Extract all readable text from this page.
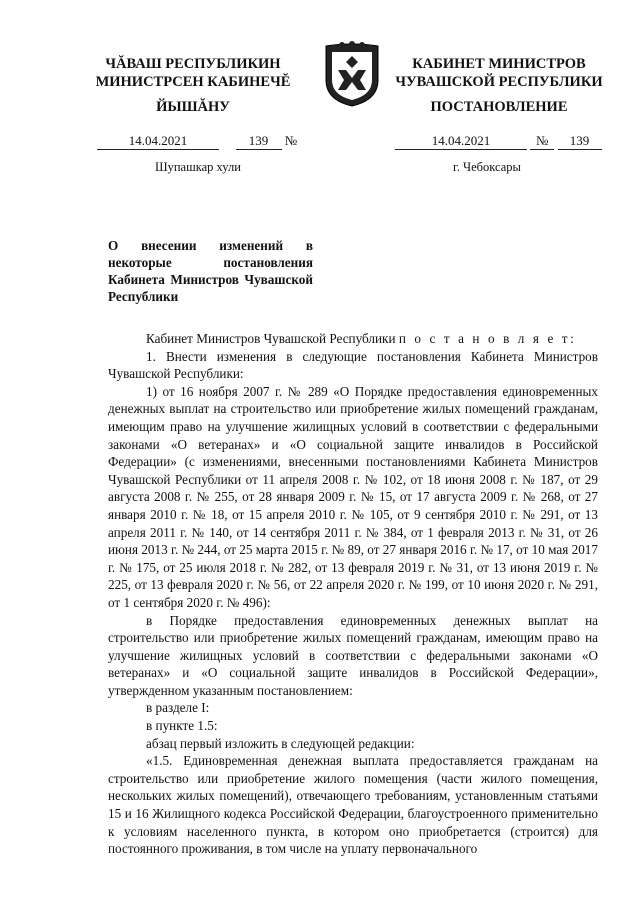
ЧĂВАШ РЕСПУБЛИКИН
МИНИСТРСЕН КАБИНЕЧĔ
ЙЫШĂНУ
КАБИНЕТ МИНИСТРОВ
ЧУВАШСКОЙ РЕСПУБЛИКИ
ПОСТАНОВЛЕНИЕ
14.04.2021	139 №	14.04.2021	№ 139
Шупашкар хули	г. Чебоксары
О внесении изменений в некоторые постановления Кабинета Министров Чувашской Республики

Кабинет Министров Чувашской Республики п о с т а н о в л я е т:

1. Внести изменения в следующие постановления Кабинета Министров Чувашской Республики:

1) от 16 ноября 2007 г. № 289 «О Порядке предоставления единовременных денежных выплат на строительство или приобретение жилых помещений гражданам, имеющим право на улучшение жилищных условий в соответствии с федеральными законами «О ветеранах» и «О социальной защите инвалидов в Российской Федерации» (с изменениями, внесенными постановлениями Кабинета Министров Чувашской Республики от 11 апреля 2008 г. № 102, от 18 июня 2008 г. № 187, от 29 августа 2008 г. № 255, от 28 января 2009 г. № 15, от 17 августа 2009 г. № 268, от 27 января 2010 г. № 18, от 15 апреля 2010 г. № 105, от 9 сентября 2010 г. № 291, от 13 апреля 2011 г. № 140, от 14 сентября 2011 г. № 384, от 1 февраля 2013 г. № 31, от 26 июня 2013 г. № 244, от 25 марта 2015 г. № 89, от 27 января 2016 г. № 17, от 10 мая 2017 г. № 175, от 25 июля 2018 г. № 282, от 13 февраля 2019 г. № 31, от 13 июня 2019 г. № 225, от 13 февраля 2020 г. № 56, от 22 апреля 2020 г. № 199, от 10 июня 2020 г. № 291, от 1 сентября 2020 г. № 496):

в Порядке предоставления единовременных денежных выплат на строительство или приобретение жилых помещений гражданам, имеющим право на улучшение жилищных условий в соответствии с федеральными законами «О ветеранах» и «О социальной защите инвалидов в Российской Федерации», утвержденном указанным постановлением:

в разделе I:

в пункте 1.5:

абзац первый изложить в следующей редакции:

«1.5. Единовременная денежная выплата предоставляется гражданам на строительство или приобретение жилого помещения (части жилого помещения, нескольких жилых помещений), отвечающего требованиям, установленным статьями 15 и 16 Жилищного кодекса Российской Федерации, благоустроенного применительно к условиям населенного пункта, в котором оно приобретается (строится) для постоянного проживания, в том числе на уплату первоначального
